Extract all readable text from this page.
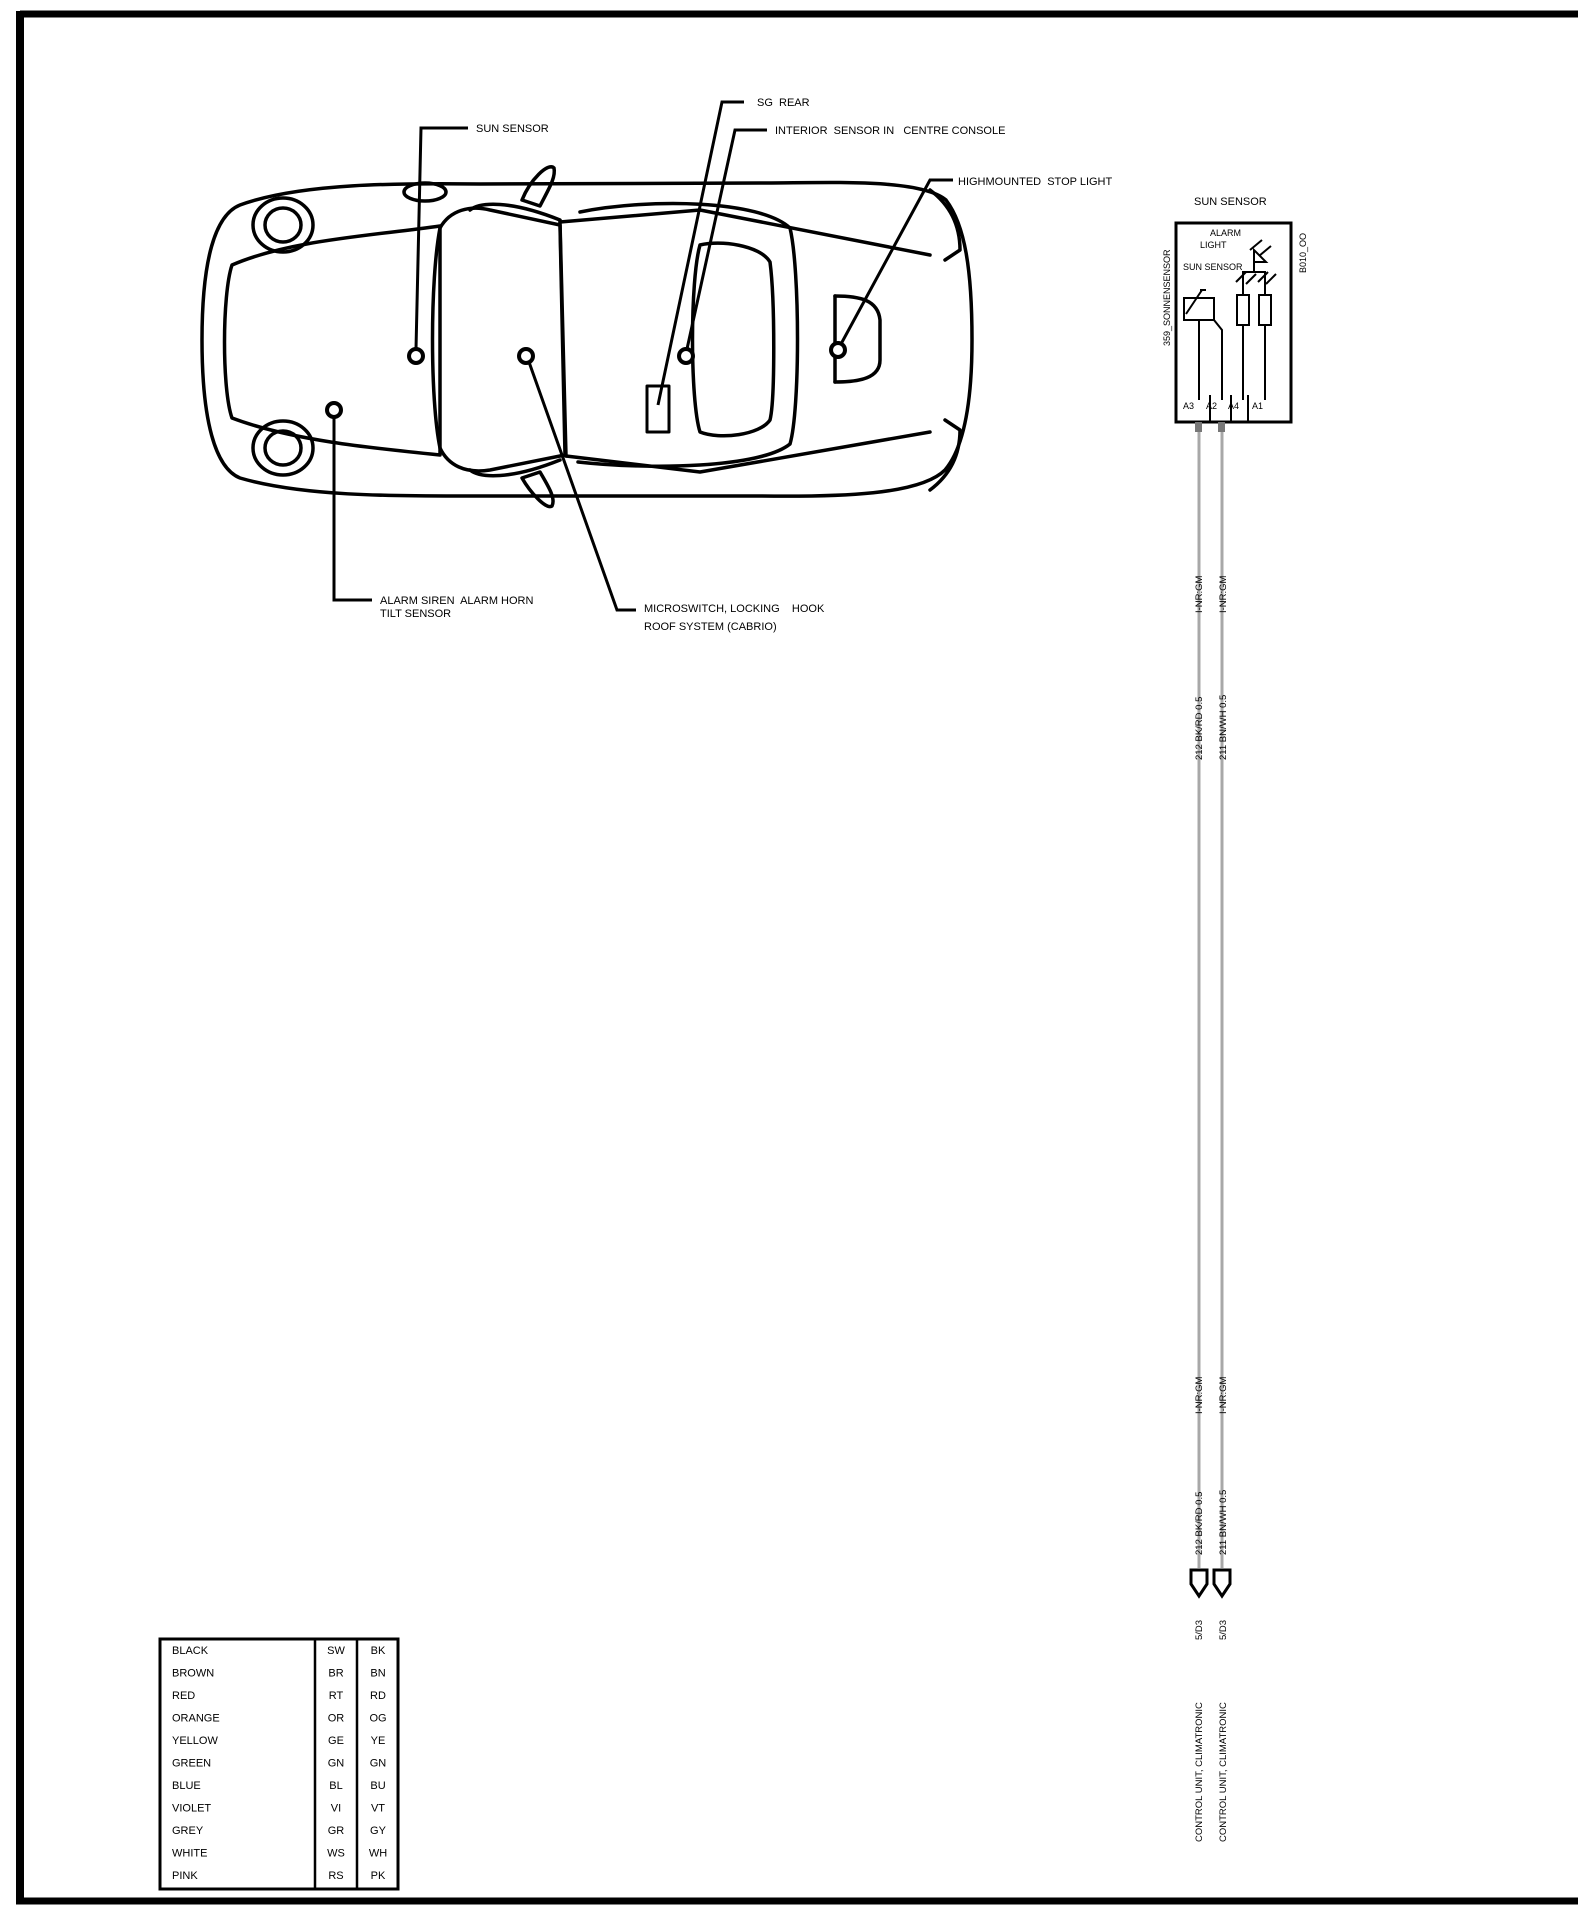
SUN SENSOR
SG  REAR
INTERIOR  SENSOR IN   CENTRE CONSOLE
HIGHMOUNTED  STOP LIGHT
ALARM SIREN  ALARM HORN
TILT SENSOR	MICROSWITCH, LOCKING    HOOK
ROOF SYSTEM (CABRIO)
SUN SENSOR
359_SONNENSENSOR	B010_OO
ALARM
LIGHT
SUN SENSOR
A3 A2 A4 A1
I-NR:GM
212 BK/RD 0.5
I-NR:GM
212 BK/RD 0.5
5/D3
CONTROL UNIT, CLIMATRONIC
I-NR:GM
211 BN/WH 0.5
I-NR:GM
211 BN/WH 0.5
5/D3
CONTROL UNIT, CLIMATRONIC
BLACK	SW BK
BROWN	BR BN
RED	RT RD
ORANGE	OR OG
YELLOW	GE YE
GREEN	GN GN
BLUE	BL	BU
VIOLET	VI	VT
GREY	GR GY
WHITE	WS WH
PINK	RS PK
